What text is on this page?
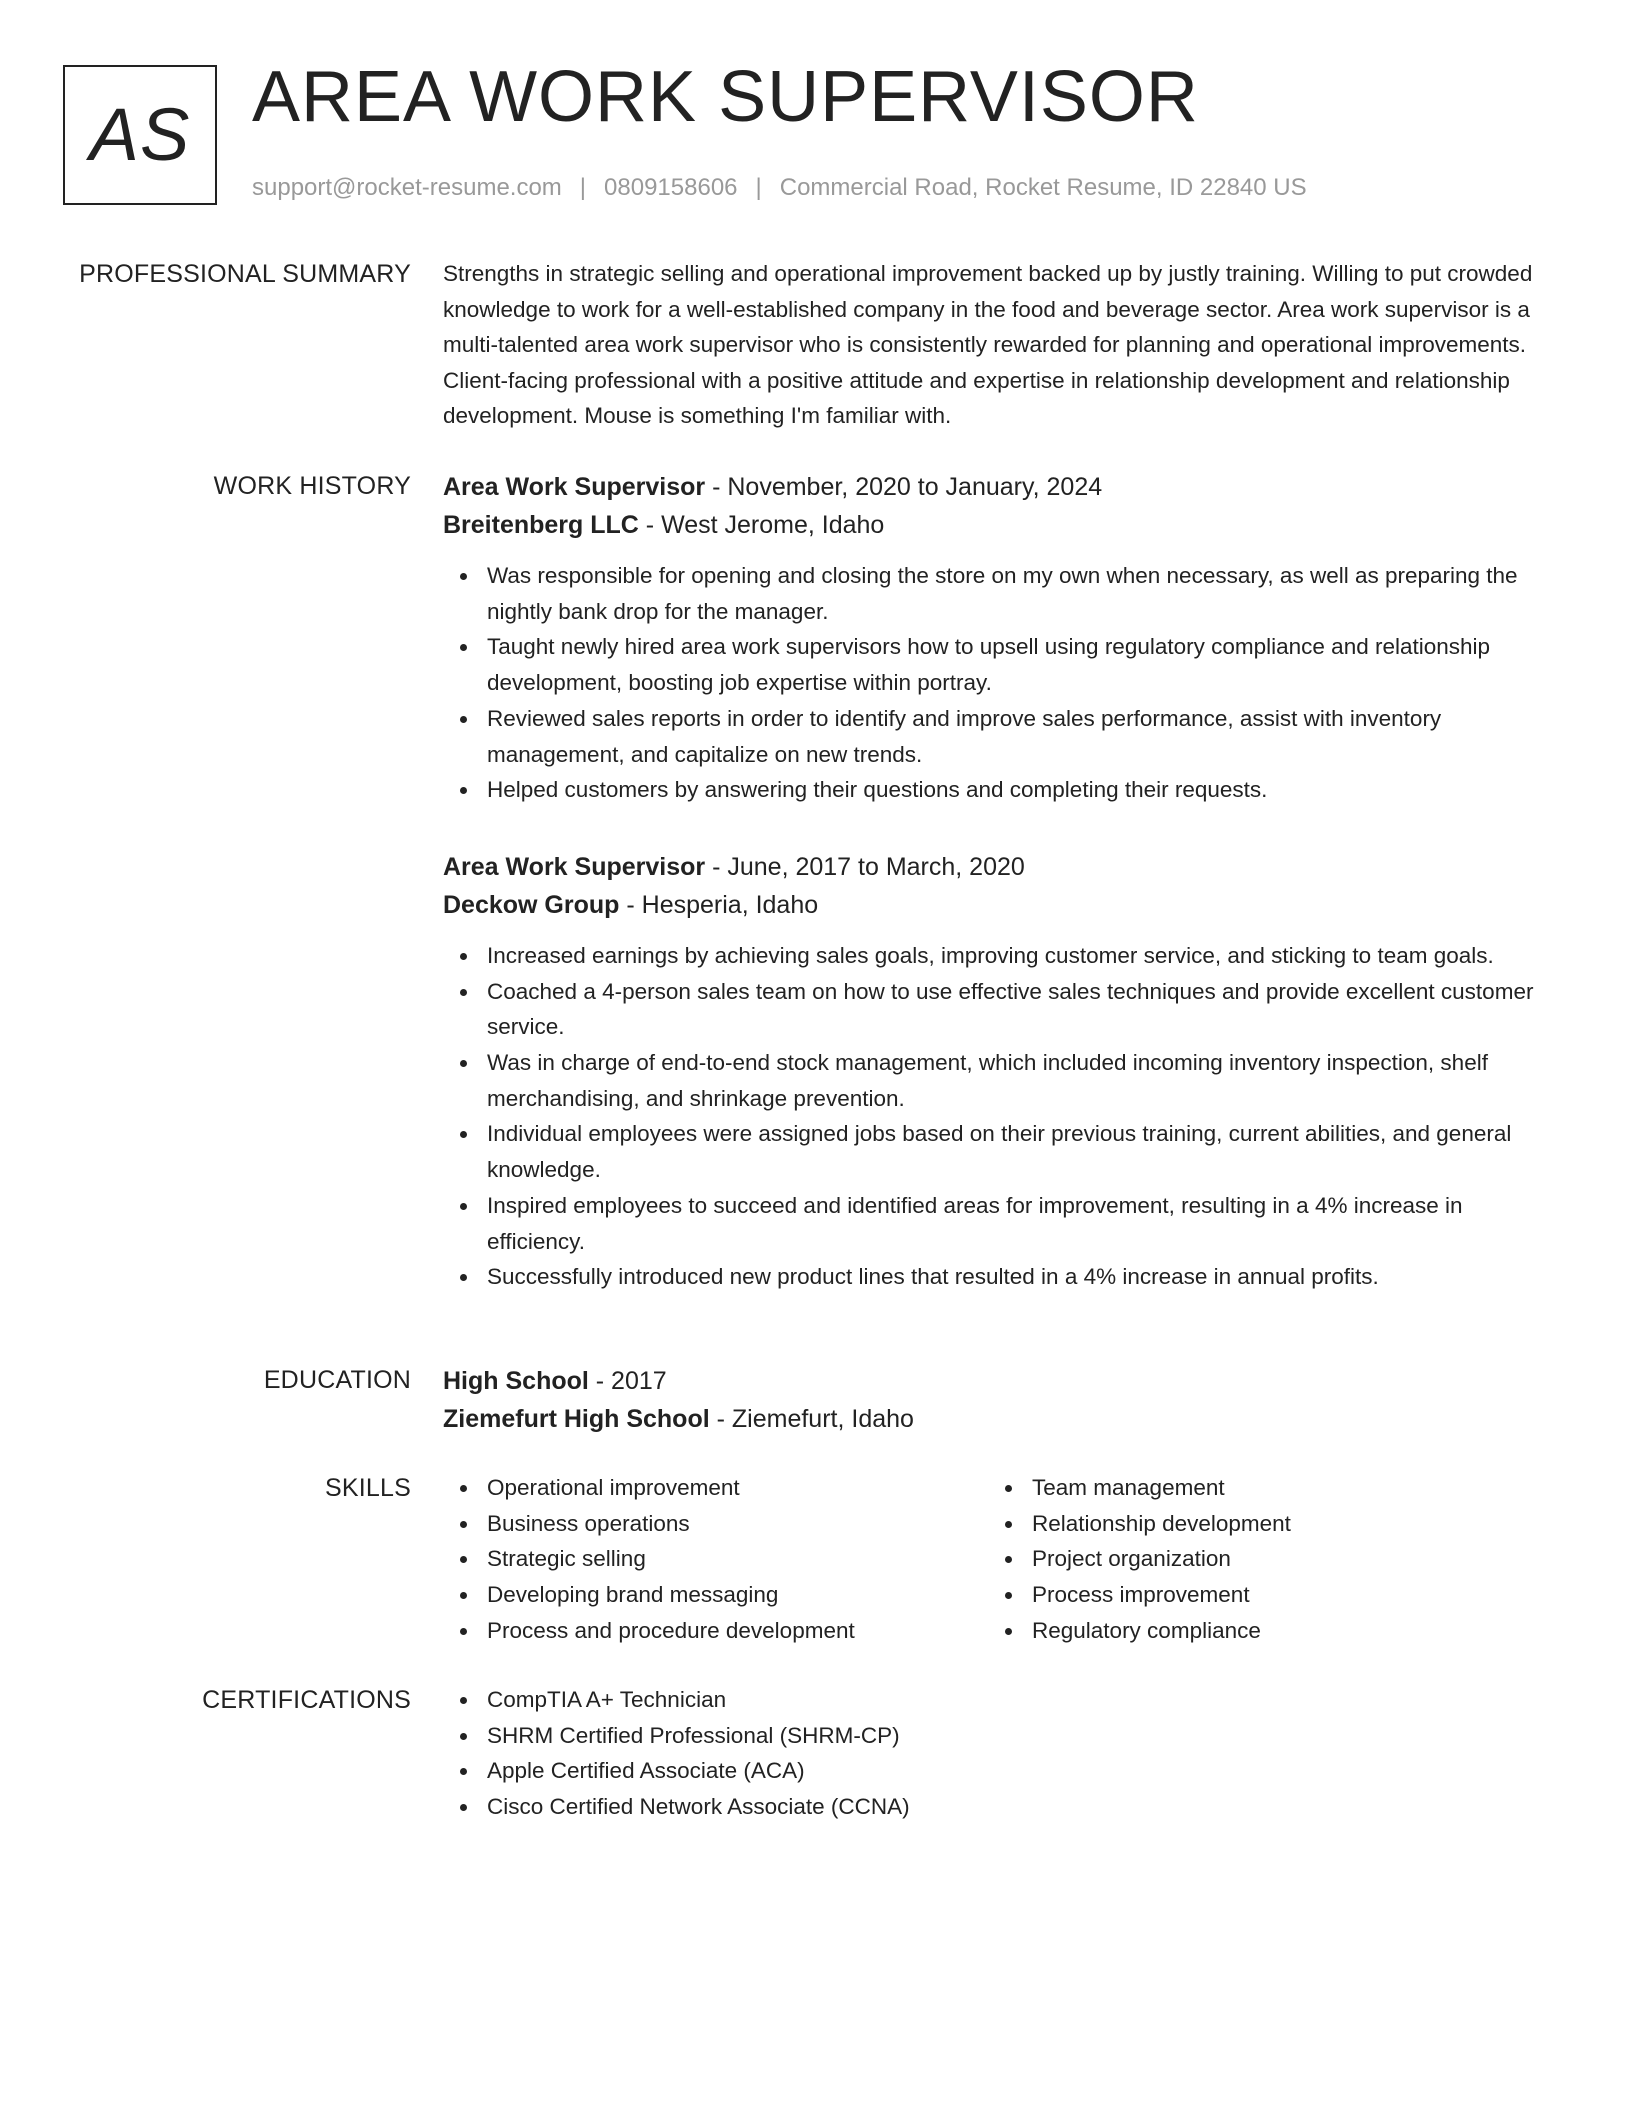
AS AREA WORK SUPERVISOR
support@rocket-resume.com | 0809158606 | Commercial Road, Rocket Resume, ID 22840 US
PROFESSIONAL SUMMARY Strengths in strategic selling and operational improvement backed up by justly training. Willing to put crowded knowledge to work for a well-established company in the food and beverage sector. Area work supervisor is a multi-talented area work supervisor who is consistently rewarded for planning and operational improvements. Client-facing professional with a positive attitude and expertise in relationship development and relationship development. Mouse is something I'm familiar with.

WORK HISTORY Area Work Supervisor - November, 2020 to January, 2024

Breitenberg LLC - West Jerome, Idaho

Was responsible for opening and closing the store on my own when necessary, as well as preparing the nightly bank drop for the manager.
Taught newly hired area work supervisors how to upsell using regulatory compliance and relationship development, boosting job expertise within portray.
Reviewed sales reports in order to identify and improve sales performance, assist with inventory management, and capitalize on new trends.
Helped customers by answering their questions and completing their requests.

Area Work Supervisor - June, 2017 to March, 2020

Deckow Group - Hesperia, Idaho

Increased earnings by achieving sales goals, improving customer service, and sticking to team goals.
Coached a 4-person sales team on how to use effective sales techniques and provide excellent customer service.
Was in charge of end-to-end stock management, which included incoming inventory inspection, shelf merchandising, and shrinkage prevention.
Individual employees were assigned jobs based on their previous training, current abilities, and general knowledge.
Inspired employees to succeed and identified areas for improvement, resulting in a 4% increase in efficiency.
Successfully introduced new product lines that resulted in a 4% increase in annual profits.
EDUCATION High School - 2017

Ziemefurt High School - Ziemefurt, Idaho

SKILLS	Operational improvement
Business operations
Strategic selling
Developing brand messaging
Process and procedure development
Team management
Relationship development
Project organization
Process improvement
Regulatory compliance
CERTIFICATIONS	CompTIA A+ Technician
SHRM Certified Professional (SHRM-CP)
Apple Certified Associate (ACA)
Cisco Certified Network Associate (CCNA)
